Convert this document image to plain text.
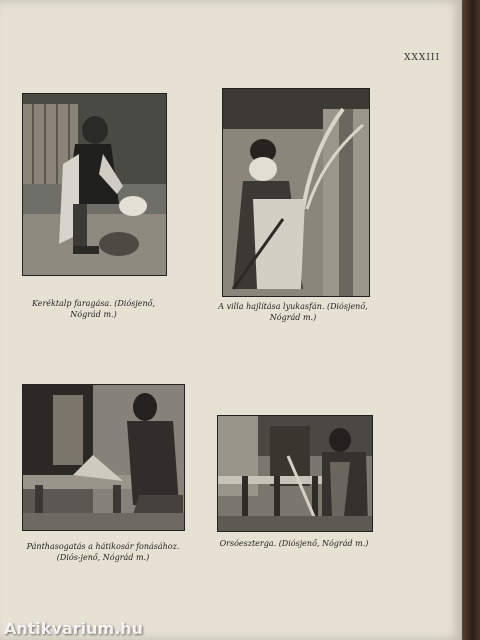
XXXIII
Keréktalp faragása. (Diósjenő, Nógrád m.)
A villa hajlítása lyukasfán. (Diósjenő, Nógrád m.)
Pánthasogatás a hátikosár fonásához. (Diós-jenő, Nógrád m.)
Orsóesztergа. (Diósjenő, Nógrád m.)
Antikvarium.hu
